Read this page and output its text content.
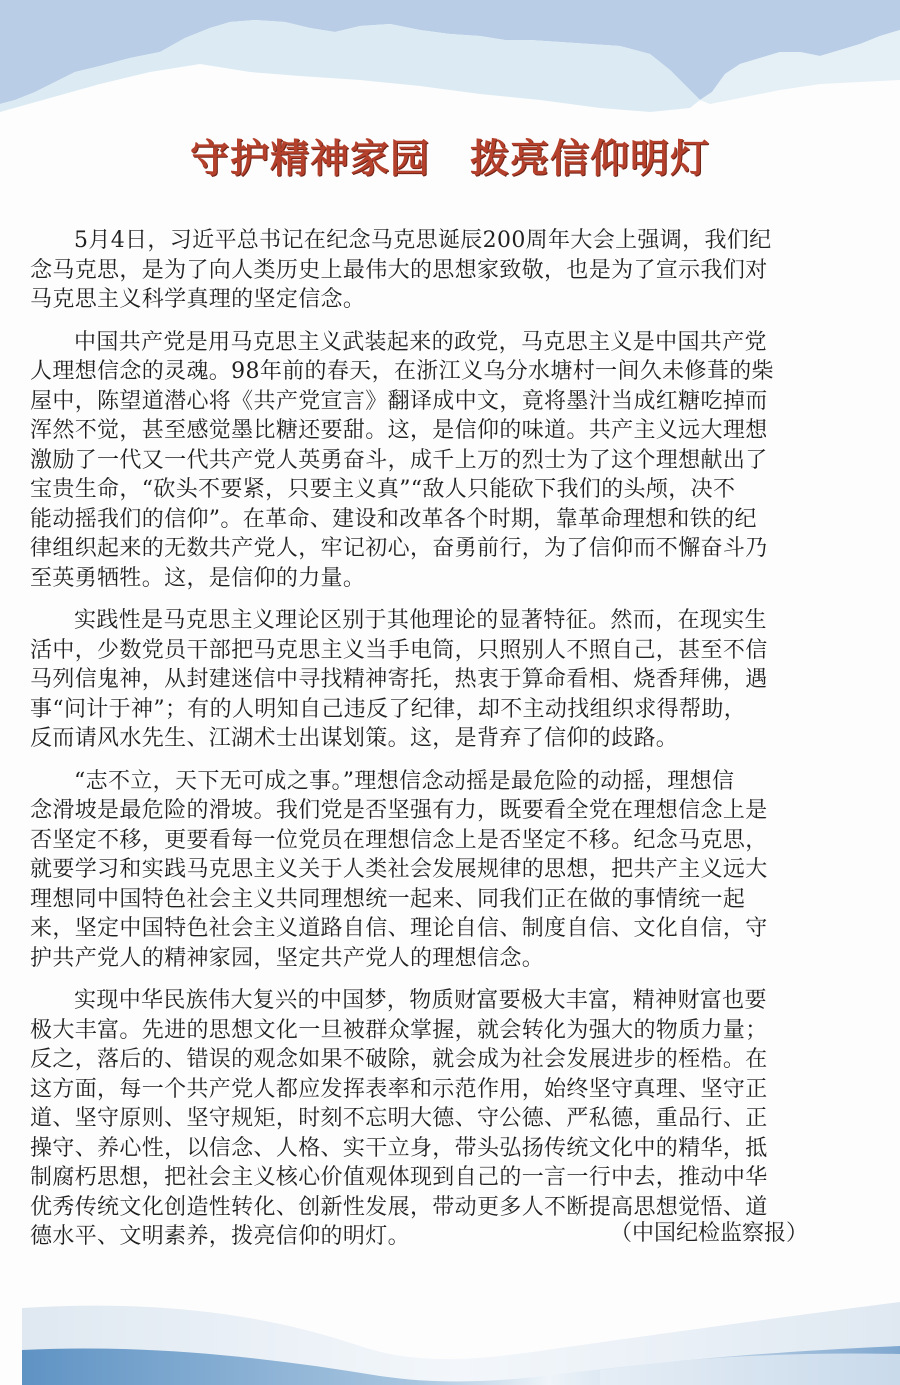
守护精神家园　拨亮信仰明灯
5月4日，习近平总书记在纪念马克思诞辰200周年大会上强调，我们纪
念马克思，是为了向人类历史上最伟大的思想家致敬，也是为了宣示我们对
马克思主义科学真理的坚定信念。
中国共产党是用马克思主义武装起来的政党，马克思主义是中国共产党
人理想信念的灵魂。98年前的春天，在浙江义乌分水塘村一间久未修葺的柴
屋中，陈望道潜心将《共产党宣言》翻译成中文，竟将墨汁当成红糖吃掉而
浑然不觉，甚至感觉墨比糖还要甜。这，是信仰的味道。共产主义远大理想
激励了一代又一代共产党人英勇奋斗，成千上万的烈士为了这个理想献出了
宝贵生命，“砍头不要紧，只要主义真”“敌人只能砍下我们的头颅，决不
能动摇我们的信仰”。在革命、建设和改革各个时期，靠革命理想和铁的纪
律组织起来的无数共产党人，牢记初心，奋勇前行，为了信仰而不懈奋斗乃
至英勇牺牲。这，是信仰的力量。
实践性是马克思主义理论区别于其他理论的显著特征。然而，在现实生
活中，少数党员干部把马克思主义当手电筒，只照别人不照自己，甚至不信
马列信鬼神，从封建迷信中寻找精神寄托，热衷于算命看相、烧香拜佛，遇
事“问计于神”；有的人明知自己违反了纪律，却不主动找组织求得帮助，
反而请风水先生、江湖术士出谋划策。这，是背弃了信仰的歧路。
“志不立，天下无可成之事。”理想信念动摇是最危险的动摇，理想信
念滑坡是最危险的滑坡。我们党是否坚强有力，既要看全党在理想信念上是
否坚定不移，更要看每一位党员在理想信念上是否坚定不移。纪念马克思，
就要学习和实践马克思主义关于人类社会发展规律的思想，把共产主义远大
理想同中国特色社会主义共同理想统一起来、同我们正在做的事情统一起
来，坚定中国特色社会主义道路自信、理论自信、制度自信、文化自信，守
护共产党人的精神家园，坚定共产党人的理想信念。
实现中华民族伟大复兴的中国梦，物质财富要极大丰富，精神财富也要
极大丰富。先进的思想文化一旦被群众掌握，就会转化为强大的物质力量；
反之，落后的、错误的观念如果不破除，就会成为社会发展进步的桎梏。在
这方面，每一个共产党人都应发挥表率和示范作用，始终坚守真理、坚守正
道、坚守原则、坚守规矩，时刻不忘明大德、守公德、严私德，重品行、正
操守、养心性，以信念、人格、实干立身，带头弘扬传统文化中的精华，抵
制腐朽思想，把社会主义核心价值观体现到自己的一言一行中去，推动中华
优秀传统文化创造性转化、创新性发展，带动更多人不断提高思想觉悟、道
德水平、文明素养，拨亮信仰的明灯。	（中国纪检监察报）
